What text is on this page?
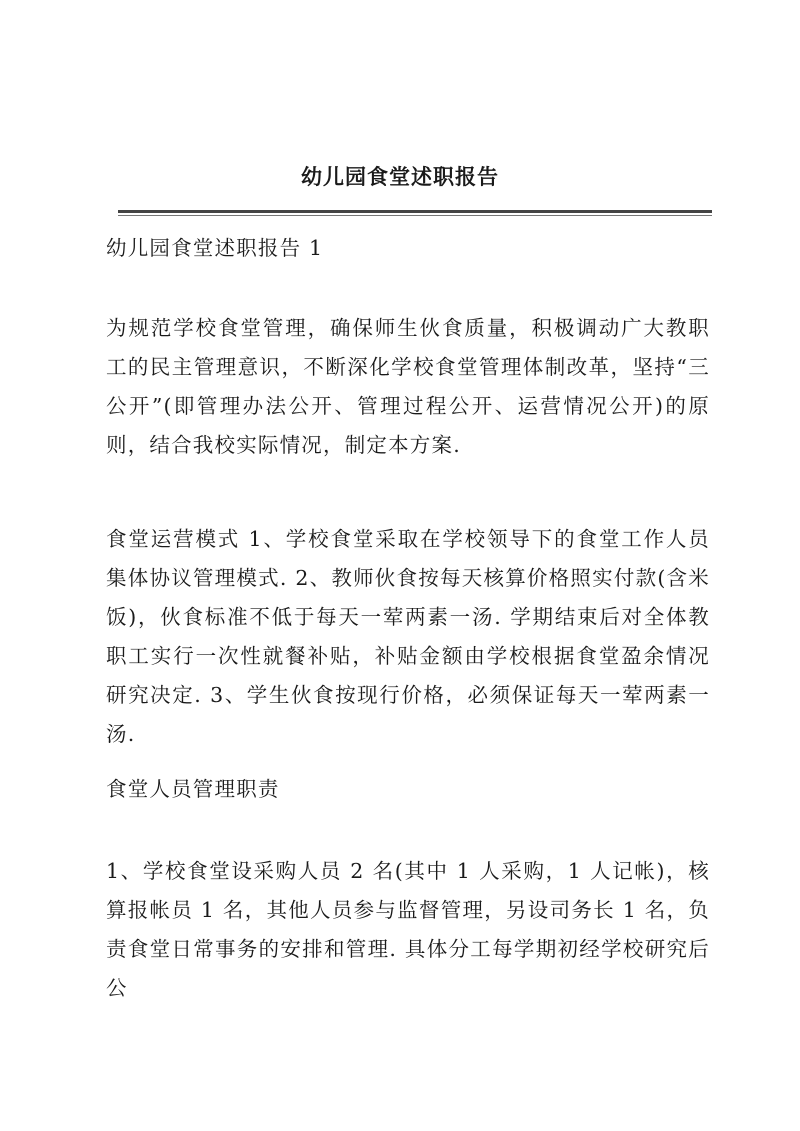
幼儿园食堂述职报告

幼儿园食堂述职报告 1

为规范学校食堂管理，确保师生伙食质量，积极调动广大教职工的民主管理意识，不断深化学校食堂管理体制改革，坚持“三公开”(即管理办法公开、管理过程公开、运营情况公开)的原则，结合我校实际情况，制定本方案.

食堂运营模式 1、学校食堂采取在学校领导下的食堂工作人员集体协议管理模式. 2、教师伙食按每天核算价格照实付款(含米饭)，伙食标准不低于每天一荤两素一汤. 学期结束后对全体教职工实行一次性就餐补贴，补贴金额由学校根据食堂盈余情况研究决定. 3、学生伙食按现行价格，必须保证每天一荤两素一汤.

食堂人员管理职责

1、学校食堂设采购人员 2 名(其中 1 人采购，1 人记帐)，核算报帐员 1 名，其他人员参与监督管理，另设司务长 1 名，负责食堂日常事务的安排和管理. 具体分工每学期初经学校研究后公
